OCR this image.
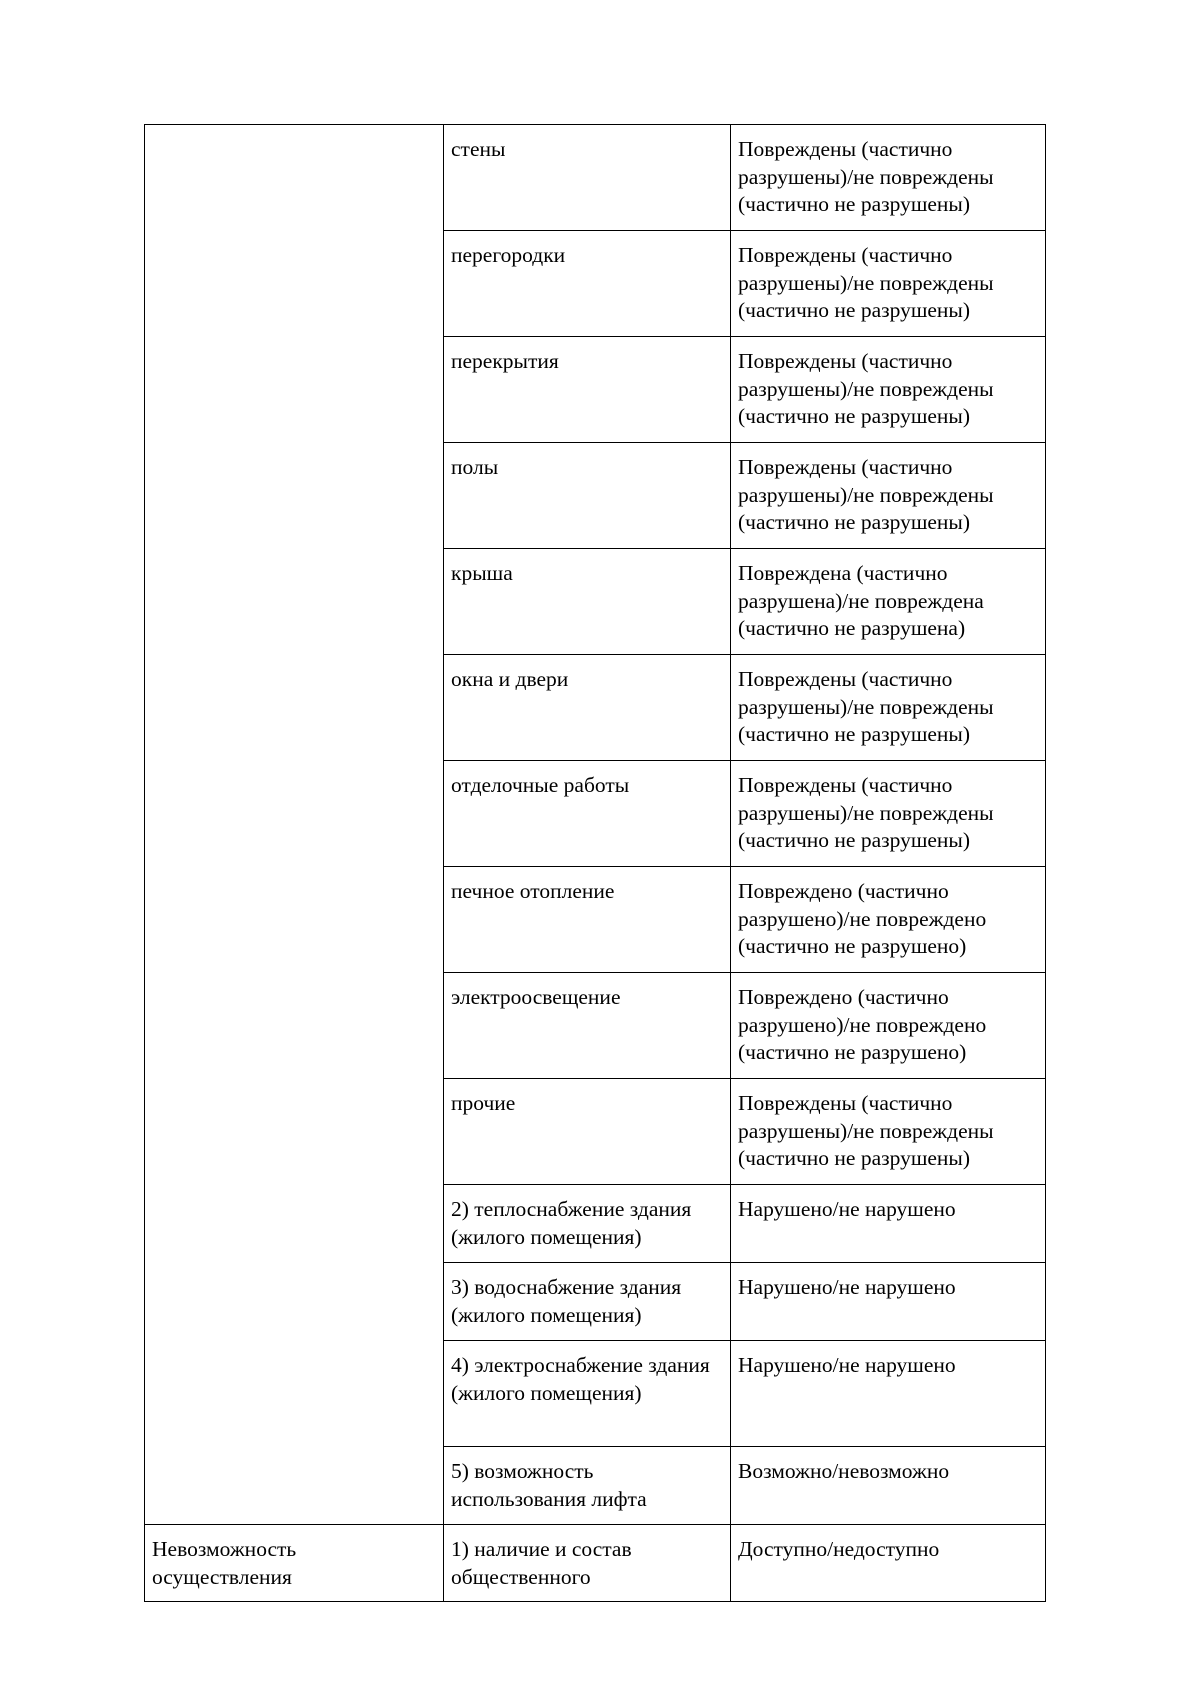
	стены	Повреждены (частично разрушены)/не повреждены (частично не разрушены)
	перегородки	Повреждены (частично разрушены)/не повреждены (частично не разрушены)
	перекрытия	Повреждены (частично разрушены)/не повреждены (частично не разрушены)
	полы	Повреждены (частично разрушены)/не повреждены (частично не разрушены)
	крыша	Повреждена (частично разрушена)/не повреждена (частично не разрушена)
	окна и двери	Повреждены (частично разрушены)/не повреждены (частично не разрушены)
	отделочные работы	Повреждены (частично разрушены)/не повреждены (частично не разрушены)
	печное отопление	Повреждено (частично разрушено)/не повреждено (частично не разрушено)
	электроосвещение	Повреждено (частично разрушено)/не повреждено (частично не разрушено)
	прочие	Повреждены (частично разрушены)/не повреждены (частично не разрушены)
	2) теплоснабжение здания (жилого помещения)	Нарушено/не нарушено
	3) водоснабжение здания (жилого помещения)	Нарушено/не нарушено
	4) электроснабжение здания (жилого помещения)	Нарушено/не нарушено
	5) возможность использования лифта	Возможно/невозможно
Невозможность осуществления	1) наличие и состав общественного	Доступно/недоступно
